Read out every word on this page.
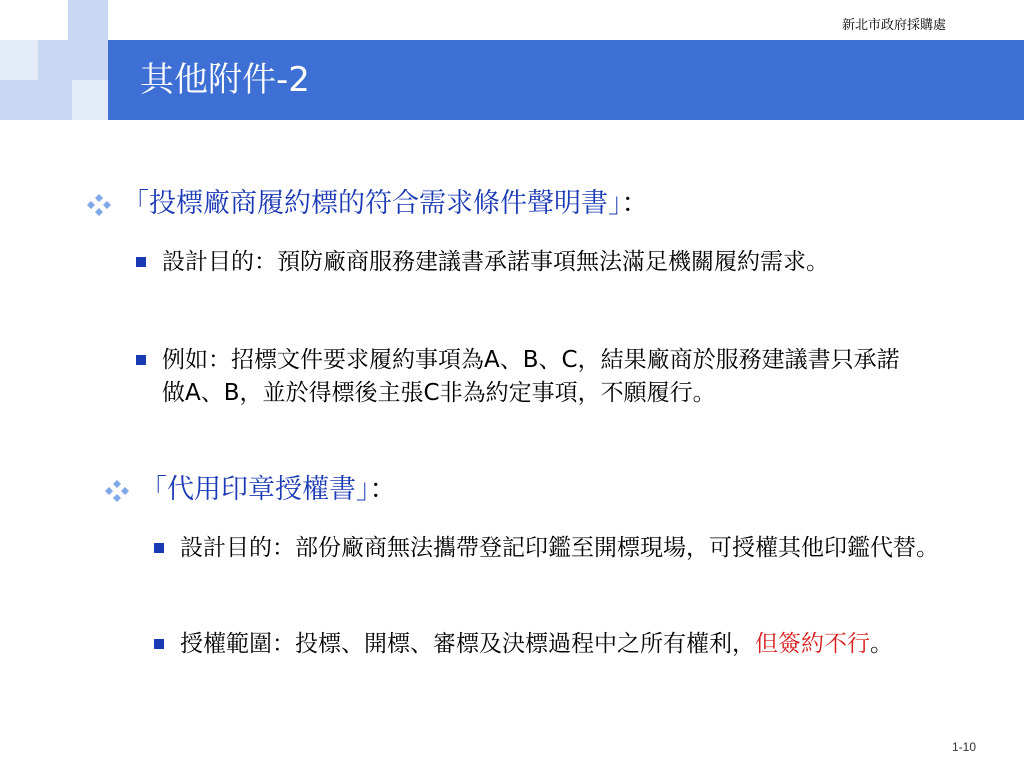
新北市政府採購處
其他附件-2
「投標廠商履約標的符合需求條件聲明書」：
設計目的：預防廠商服務建議書承諾事項無法滿足機關履約需求。
例如：招標文件要求履約事項為A、B、C，結果廠商於服務建議書只承諾做A、B，並於得標後主張C非為約定事項，不願履行。
「代用印章授權書」：
設計目的：部份廠商無法攜帶登記印鑑至開標現場，可授權其他印鑑代替。
授權範圍：投標、開標、審標及決標過程中之所有權利，但簽約不行。
1-10
